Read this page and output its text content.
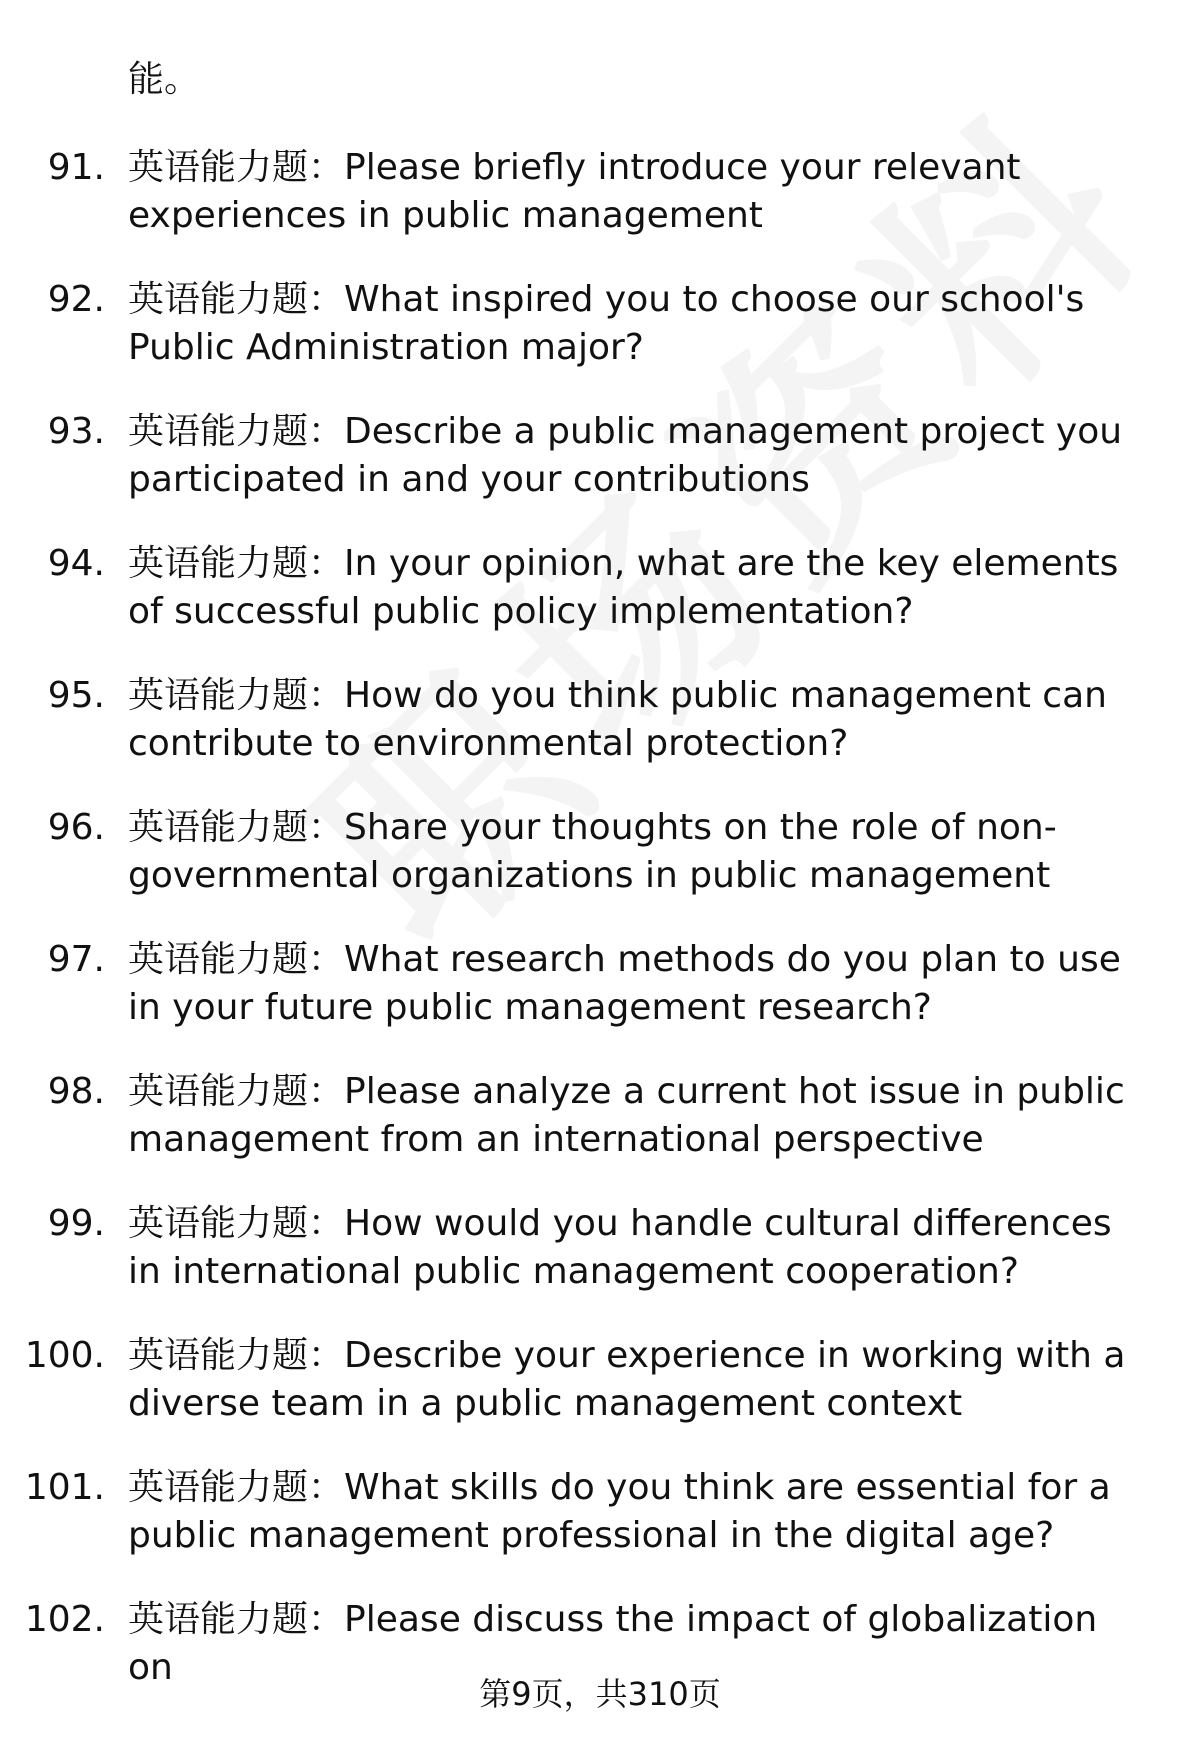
能。
91. 英语能力题：Please briefly introduce your relevant experiences in public management
92. 英语能力题：What inspired you to choose our school's Public Administration major?
93. 英语能力题：Describe a public management project you participated in and your contributions
94. 英语能力题：In your opinion, what are the key elements of successful public policy implementation?
95. 英语能力题：How do you think public management can contribute to environmental protection?
96. 英语能力题：Share your thoughts on the role of non-governmental organizations in public management
97. 英语能力题：What research methods do you plan to use in your future public management research?
98. 英语能力题：Please analyze a current hot issue in public management from an international perspective
99. 英语能力题：How would you handle cultural differences in international public management cooperation?
100. 英语能力题：Describe your experience in working with a diverse team in a public management context
101. 英语能力题：What skills do you think are essential for a public management professional in the digital age?
102. 英语能力题：Please discuss the impact of globalization on
第9页，共310页
